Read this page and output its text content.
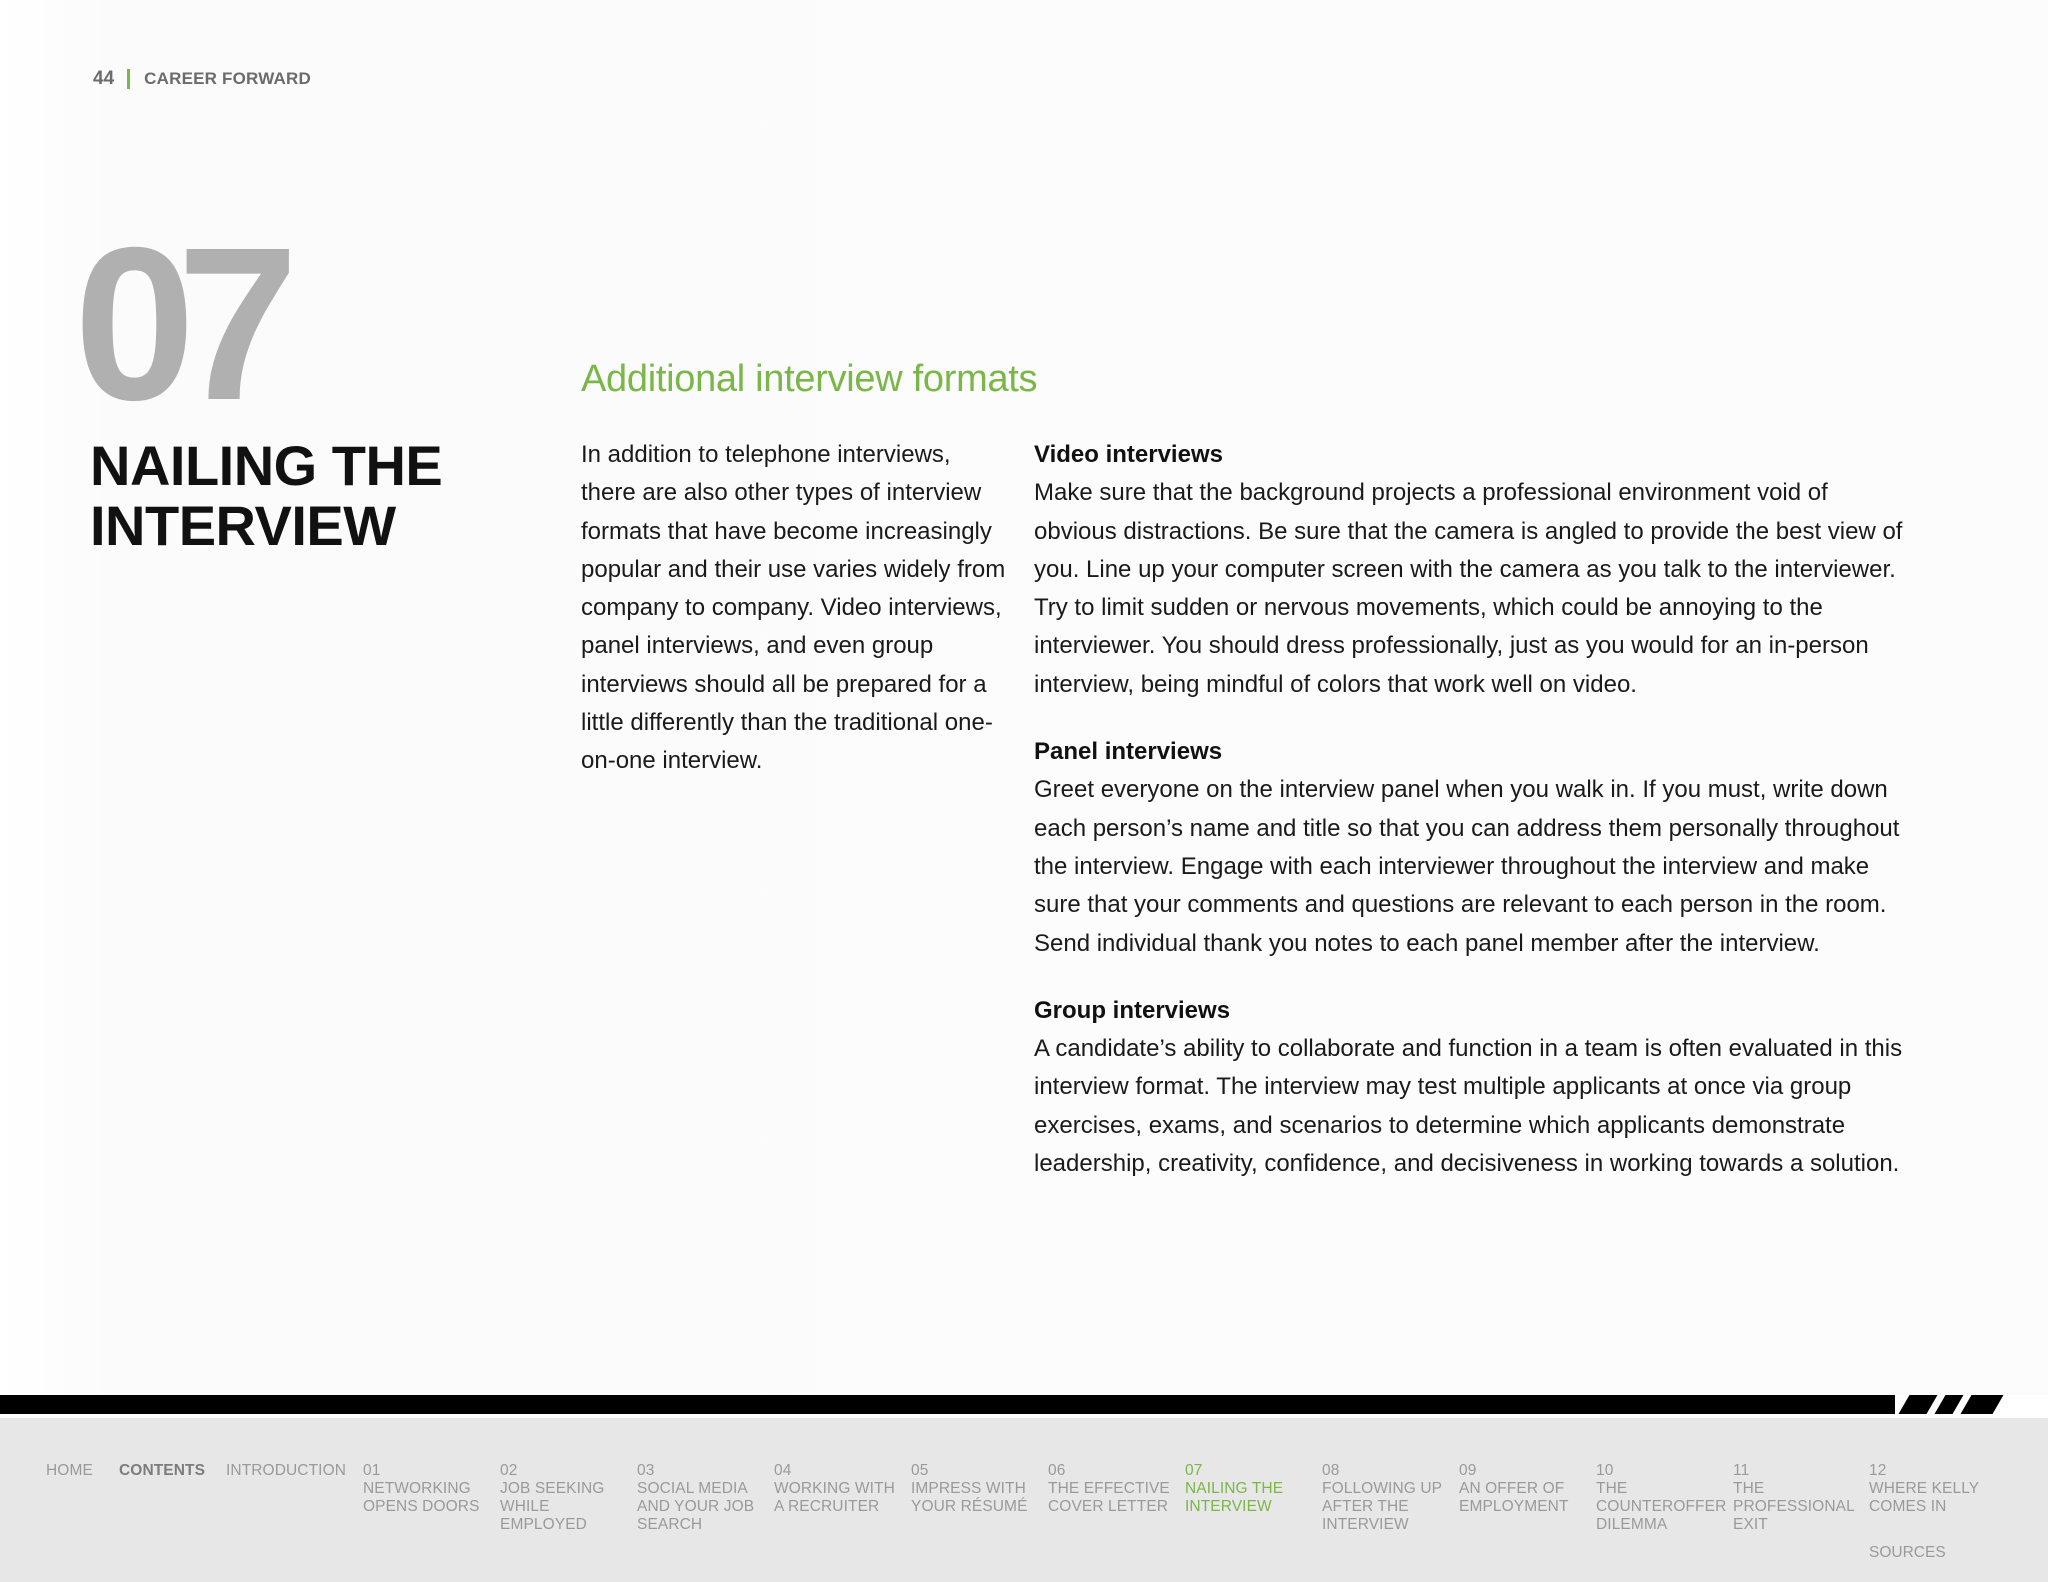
44 CAREER FORWARD
07
NAILING THE
INTERVIEW
Additional interview formats
In addition to telephone interviews, there are also other types of interview formats that have become increasingly popular and their use varies widely from company to company. Video interviews, panel interviews, and even group interviews should all be prepared for a little differently than the traditional one-on-one interview.
Video interviews
Make sure that the background projects a professional environment void of obvious distractions. Be sure that the camera is angled to provide the best view of you. Line up your computer screen with the camera as you talk to the interviewer. Try to limit sudden or nervous movements, which could be annoying to the interviewer. You should dress professionally, just as you would for an in-person interview, being mindful of colors that work well on video.
Panel interviews
Greet everyone on the interview panel when you walk in. If you must, write down each person’s name and title so that you can address them personally throughout the interview. Engage with each interviewer throughout the interview and make sure that your comments and questions are relevant to each person in the room. Send individual thank you notes to each panel member after the interview.
Group interviews
A candidate’s ability to collaborate and function in a team is often evaluated in this interview format. The interview may test multiple applicants at once via group exercises, exams, and scenarios to determine which applicants demonstrate leadership, creativity, confidence, and decisiveness in working towards a solution.
HOME CONTENTS INTRODUCTION 01
NETWORKING OPENS DOORS
02
JOB SEEKING WHILE EMPLOYED
03
SOCIAL MEDIA AND YOUR JOB SEARCH
04
WORKING WITH A RECRUITER
05
IMPRESS WITH YOUR RÉSUMÉ
06
THE EFFECTIVE COVER LETTER
07
NAILING THE INTERVIEW
08
FOLLOWING UP AFTER THE INTERVIEW
09
AN OFFER OF EMPLOYMENT
10
THE COUNTEROFFER DILEMMA
11
THE PROFESSIONAL EXIT
12
WHERE KELLY COMES IN
SOURCES
